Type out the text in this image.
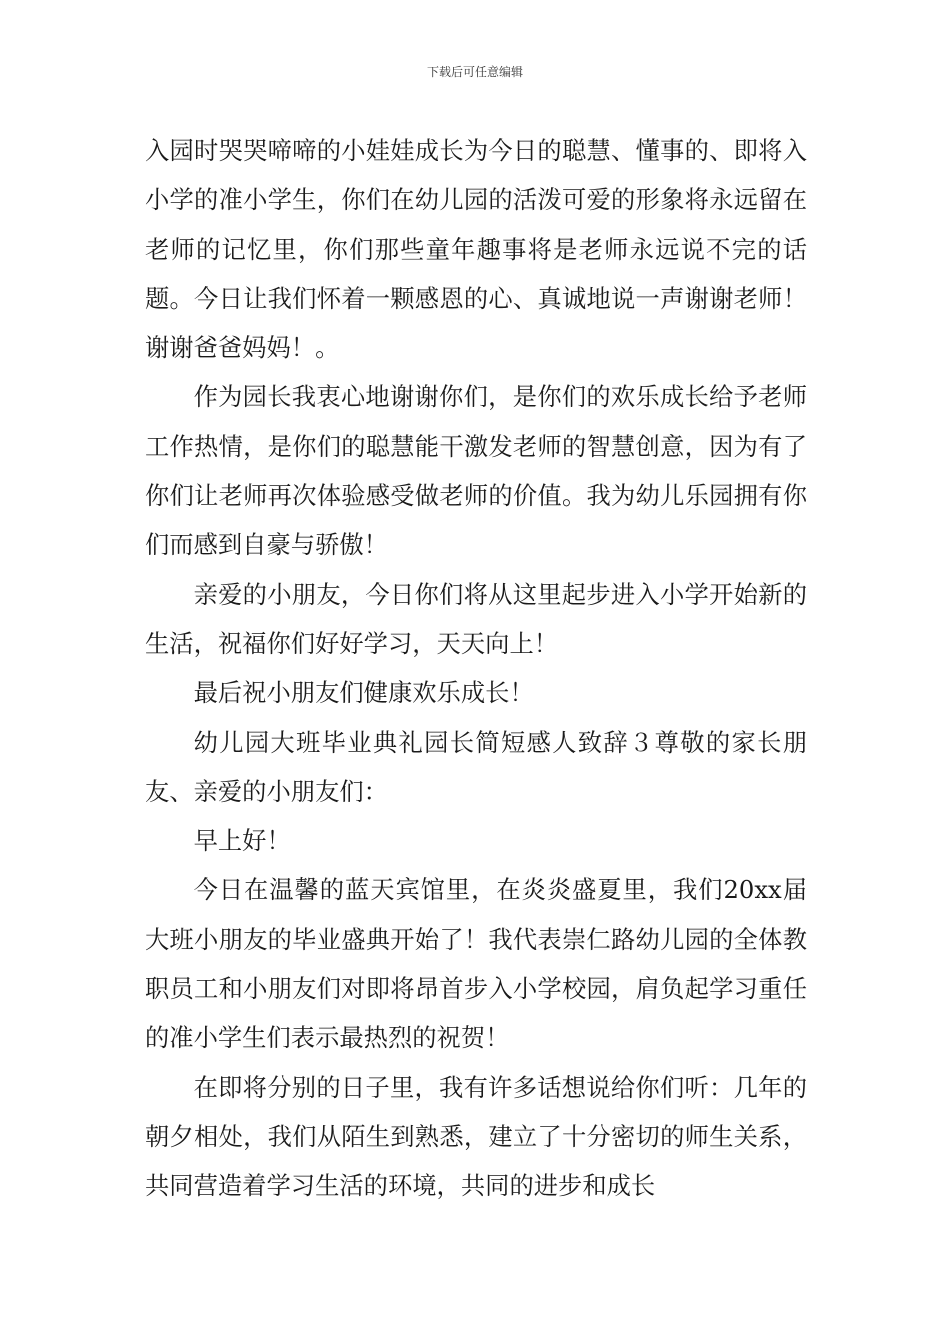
下载后可任意编辑

入园时哭哭啼啼的小娃娃成长为今日的聪慧、懂事的、即将入小学的准小学生，你们在幼儿园的活泼可爱的形象将永远留在老师的记忆里，你们那些童年趣事将是老师永远说不完的话题。今日让我们怀着一颗感恩的心、真诚地说一声谢谢老师！谢谢爸爸妈妈！。

作为园长我衷心地谢谢你们，是你们的欢乐成长给予老师工作热情，是你们的聪慧能干激发老师的智慧创意，因为有了你们让老师再次体验感受做老师的价值。我为幼儿乐园拥有你们而感到自豪与骄傲！

亲爱的小朋友，今日你们将从这里起步进入小学开始新的生活，祝福你们好好学习，天天向上！

最后祝小朋友们健康欢乐成长！

幼儿园大班毕业典礼园长简短感人致辞３尊敬的家长朋友、亲爱的小朋友们：

早上好！

今日在温馨的蓝天宾馆里，在炎炎盛夏里，我们20xx届大班小朋友的毕业盛典开始了！我代表崇仁路幼儿园的全体教职员工和小朋友们对即将昂首步入小学校园，肩负起学习重任的准小学生们表示最热烈的祝贺！

在即将分别的日子里，我有许多话想说给你们听：几年的朝夕相处，我们从陌生到熟悉，建立了十分密切的师生关系，共同营造着学习生活的环境，共同的进步和成长
